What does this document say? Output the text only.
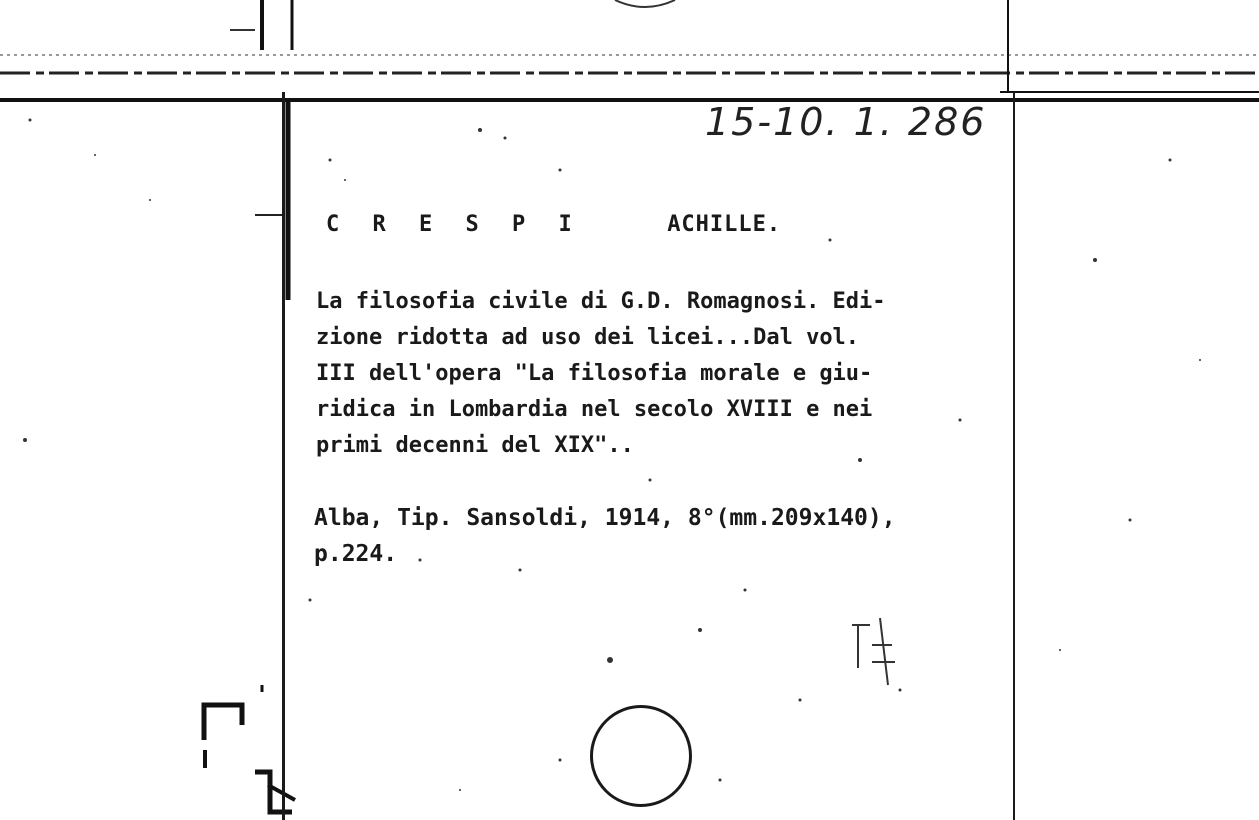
15-10. 1. 286
C R E S P I	ACHILLE.
La filosofia civile di G.D. Romagnosi. Edi-
zione ridotta ad uso dei licei...Dal vol.
III dell'opera "La filosofia morale e giu-
ridica in Lombardia nel secolo XVIII e nei
primi decenni del XIX"..
Alba, Tip. Sansoldi, 1914, 8°(mm.209x140),
p.224.
